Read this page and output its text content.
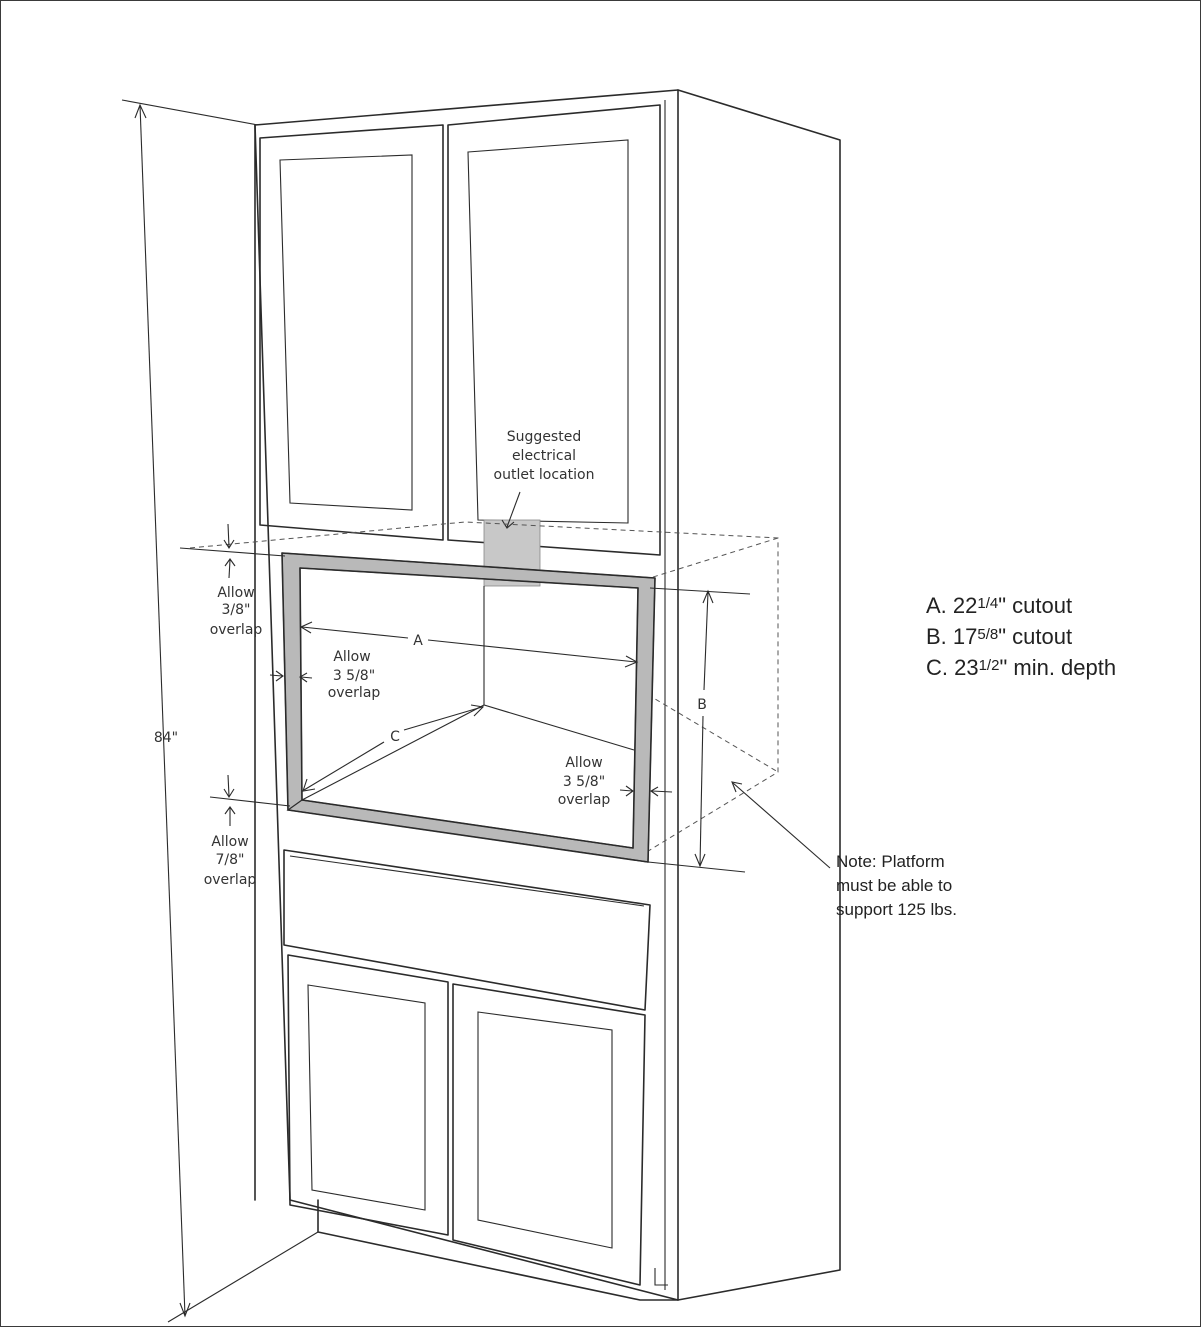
Suggested
electrical
outlet location
84"
A
C
B
Allow
3/8"
overlap
Allow
3 5/8"
overlap
Allow
3 5/8"
overlap
Allow
7/8"
overlap
A. $22^{1/4}$" cutout
B. $17^{5/8}$" cutout
C. $23^{1/2}$" min. depth
Note: Platform
must be able to
support 125 lbs.
